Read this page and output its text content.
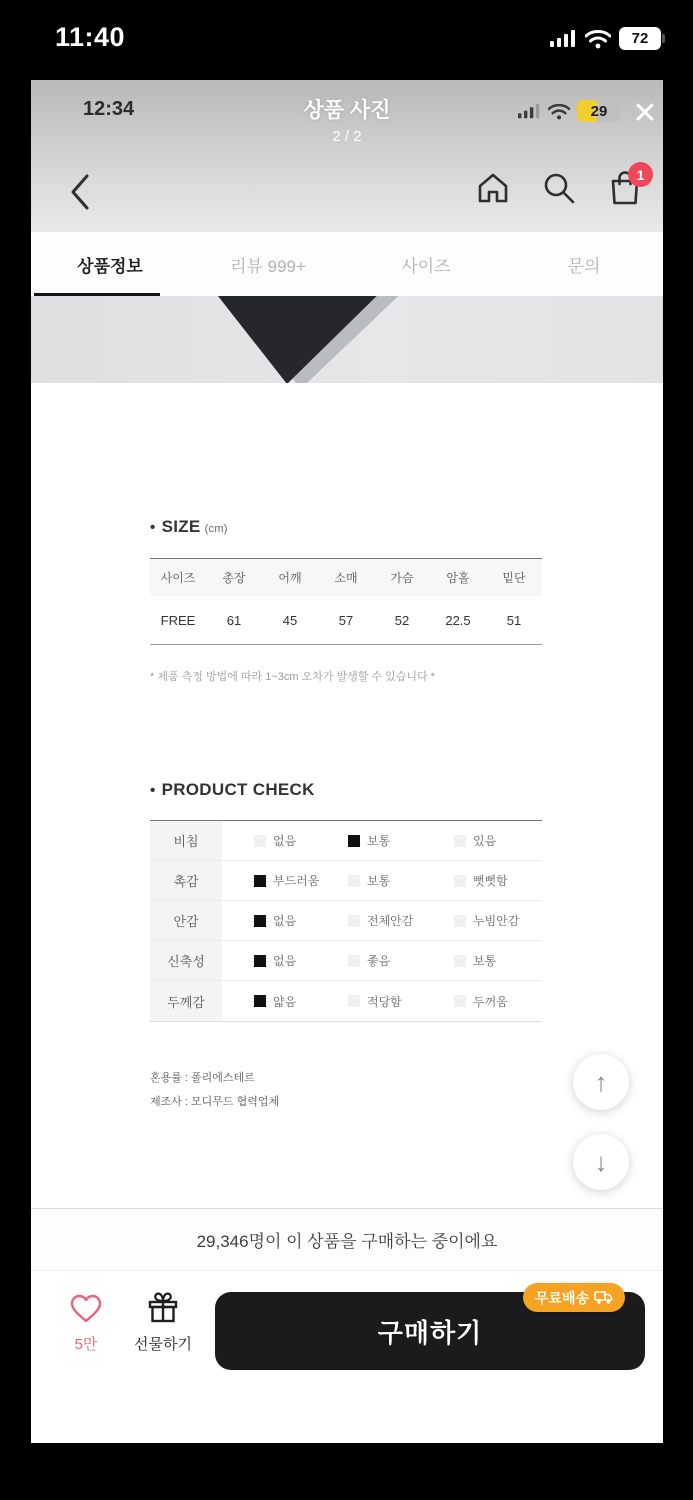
11:40	72
12:34	상품 사진
2 / 2
29 ✕
1
상품정보	리뷰 999+	사이즈	문의
• SIZE (cm)
사이즈	총장	어깨	소매	가슴	암홀	밑단
FREE	61	45	57	52	22.5	51
* 제품 측정 방법에 따라 1~3cm 오차가 발생할 수 있습니다 *
• PRODUCT CHECK
비침	없음	보통	있음
촉감	부드러움	보통	뻣뻣함
안감	없음	전체안감	누빔안감
신축성	없음	좋음	보통
두께감	얇음	적당함	두꺼움
혼용률 : 폴리에스테르
제조사 : 모디무드 협력업체
↑
↓
29,346명이 이 상품을 구매하는 중이에요
5만	선물하기	구매하기
무료배송
